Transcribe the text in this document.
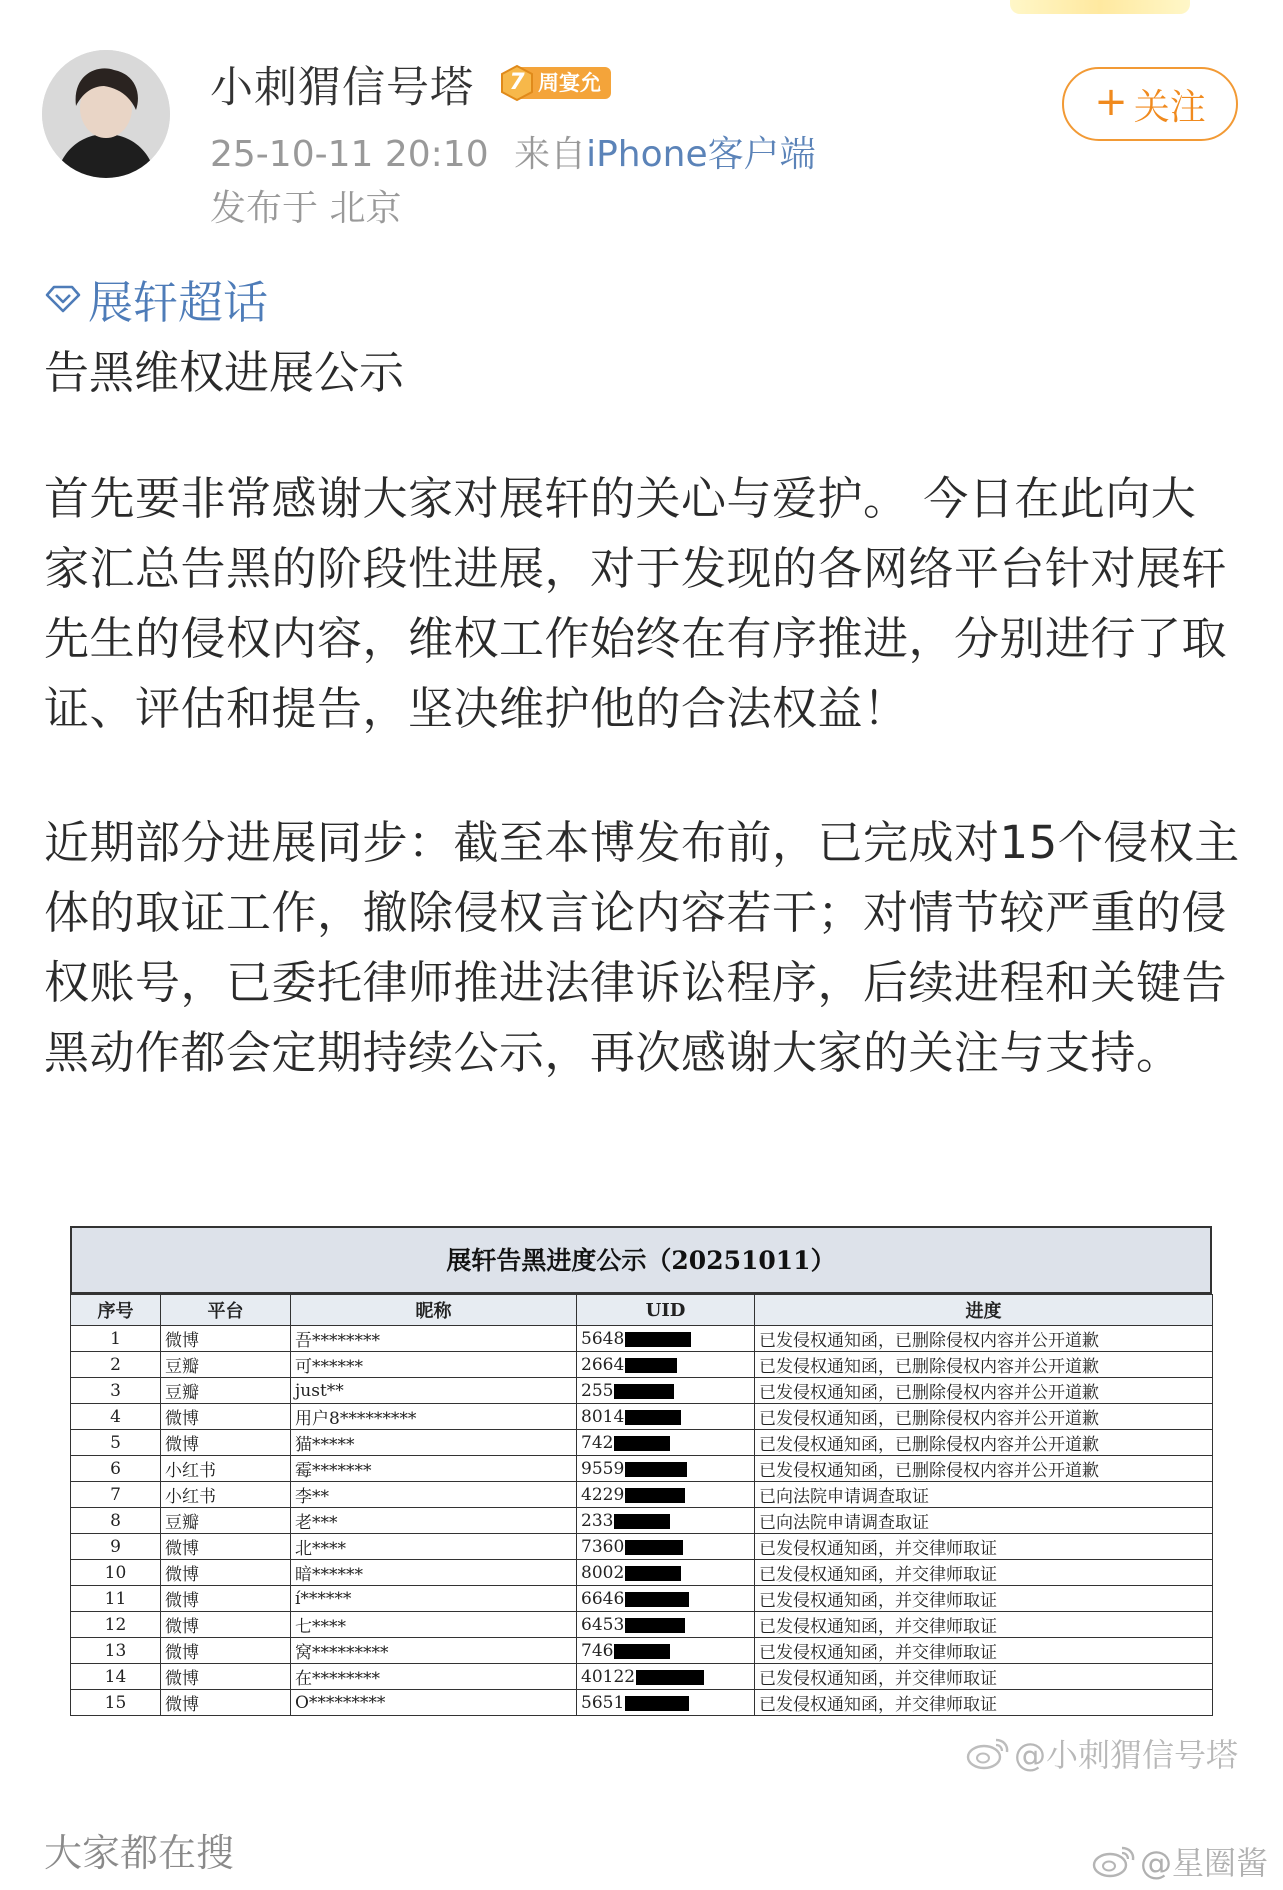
小刺猬信号塔	7 周宴允
25-10-11 20:10 来自iPhone客户端
发布于 北京
+ 关注
展轩超话
告黑维权进展公示
首先要非常感谢大家对展轩的关心与爱护。 今日在此向大家汇总告黑的阶段性进展，对于发现的各网络平台针对展轩先生的侵权内容，维权工作始终在有序推进，分别进行了取证、评估和提告，坚决维护他的合法权益！
近期部分进展同步：截至本博发布前，已完成对15个侵权主体的取证工作，撤除侵权言论内容若干；对情节较严重的侵权账号，已委托律师推进法律诉讼程序，后续进程和关键告黑动作都会定期持续公示，再次感谢大家的关注与支持。
展轩告黑进度公示（20251011）
序号	平台	昵称	UID	进度
1	微博	吾********	5648	已发侵权通知函，已删除侵权内容并公开道歉
2	豆瓣	可******	2664	已发侵权通知函，已删除侵权内容并公开道歉
3	豆瓣	just**	255	已发侵权通知函，已删除侵权内容并公开道歉
4	微博	用户8*********	8014	已发侵权通知函，已删除侵权内容并公开道歉
5	微博	猫*****	742	已发侵权通知函，已删除侵权内容并公开道歉
6	小红书	霉*******	9559	已发侵权通知函，已删除侵权内容并公开道歉
7	小红书	李**	4229	已向法院申请调查取证
8	豆瓣	老***	233	已向法院申请调查取证
9	微博	北****	7360	已发侵权通知函，并交律师取证
10	微博	暗******	8002	已发侵权通知函，并交律师取证
11	微博	í******	6646	已发侵权通知函，并交律师取证
12	微博	七****	6453	已发侵权通知函，并交律师取证
13	微博	窝*********	746	已发侵权通知函，并交律师取证
14	微博	在********	40122	已发侵权通知函，并交律师取证
15	微博	O*********	5651	已发侵权通知函，并交律师取证
@小刺猬信号塔
大家都在搜	@星圈酱
